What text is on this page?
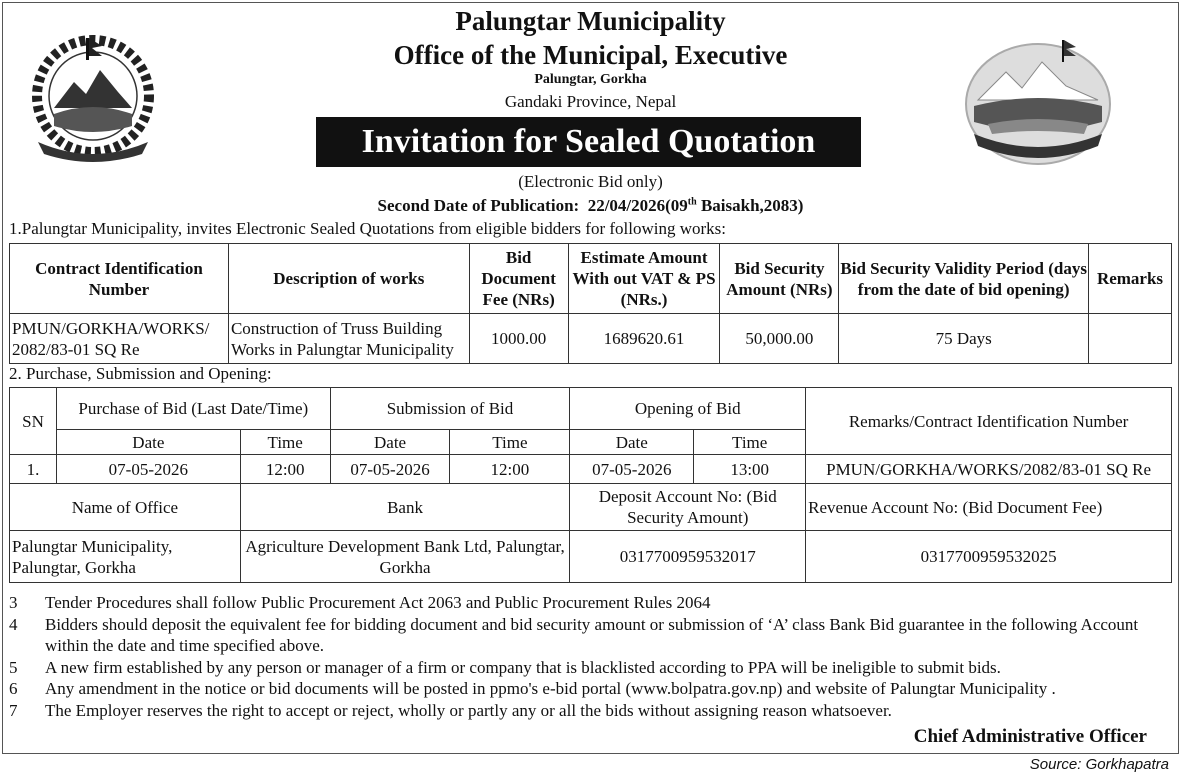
Palungtar Municipality
Office of the Municipal, Executive
Palungtar, Gorkha
Gandaki Province, Nepal
Invitation for Sealed Quotation
(Electronic Bid only)
Second Date of Publication: 22/04/2026(09th Baisakh,2083)
1.Palungtar Municipality, invites Electronic Sealed Quotations from eligible bidders for following works:
Contract Identification Number	Description of works	Bid Document Fee (NRs)	Estimate Amount With out VAT & PS (NRs.)	Bid Security Amount (NRs)	Bid Security Validity Period (days from the date of bid opening)	Remarks
PMUN/GORKHA/WORKS/ 2082/83-01 SQ Re	Construction of Truss Building Works in Palungtar Municipality	1000.00	1689620.61	50,000.00	75 Days	
2. Purchase, Submission and Opening:
SN	Purchase of Bid (Last Date/Time)		Submission of Bid		Opening of Bid		Remarks/Contract Identification Number
	Date	Time	Date	Time	Date	Time	
1.	07-05-2026	12:00	07-05-2026	12:00	07-05-2026	13:00	PMUN/GORKHA/WORKS/2082/83-01 SQ Re
Name of Office		Bank			Deposit Account No: (Bid Security Amount)		Revenue Account No: (Bid Document Fee)
Palungtar Municipality, Palungtar, Gorkha		Agriculture Development Bank Ltd, Palungtar, Gorkha			0317700959532017		0317700959532025
3	Tender Procedures shall follow Public Procurement Act 2063 and Public Procurement Rules 2064
4	Bidders should deposit the equivalent fee for bidding document and bid security amount or submission of ‘A’ class Bank Bid guarantee in the following Account within the date and time specified above.
5	A new firm established by any person or manager of a firm or company that is blacklisted according to PPA will be ineligible to submit bids.
6	Any amendment in the notice or bid documents will be posted in ppmo's e-bid portal (www.bolpatra.gov.np) and website of Palungtar Municipality .
7	The Employer reserves the right to accept or reject, wholly or partly any or all the bids without assigning reason whatsoever.
Chief Administrative Officer
Source: Gorkhapatra
